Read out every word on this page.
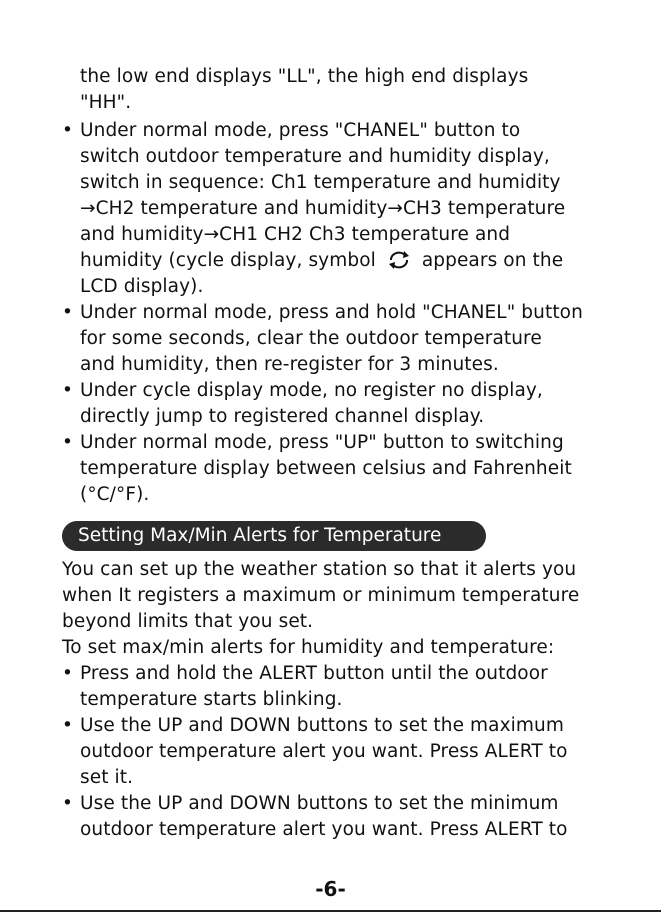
the low end displays "LL", the high end displays
"HH".
• Under normal mode, press "CHANEL" button to
switch outdoor temperature and humidity display,
switch in sequence: Ch1 temperature and humidity
→CH2 temperature and humidity→CH3 temperature
and humidity→CH1 CH2 Ch3 temperature and
humidity (cycle display, symbol appears on the
LCD display).
• Under normal mode, press and hold "CHANEL" button
for some seconds, clear the outdoor temperature
and humidity, then re-register for 3 minutes.
• Under cycle display mode, no register no display,
directly jump to registered channel display.
• Under normal mode, press "UP" button to switching
temperature display between celsius and Fahrenheit
(°C/°F).
Setting Max/Min Alerts for Temperature
You can set up the weather station so that it alerts you
when It registers a maximum or minimum temperature
beyond limits that you set.
To set max/min alerts for humidity and temperature:
• Press and hold the ALERT button until the outdoor
temperature starts blinking.
• Use the UP and DOWN buttons to set the maximum
outdoor temperature alert you want. Press ALERT to
set it.
• Use the UP and DOWN buttons to set the minimum
outdoor temperature alert you want. Press ALERT to
-6-
